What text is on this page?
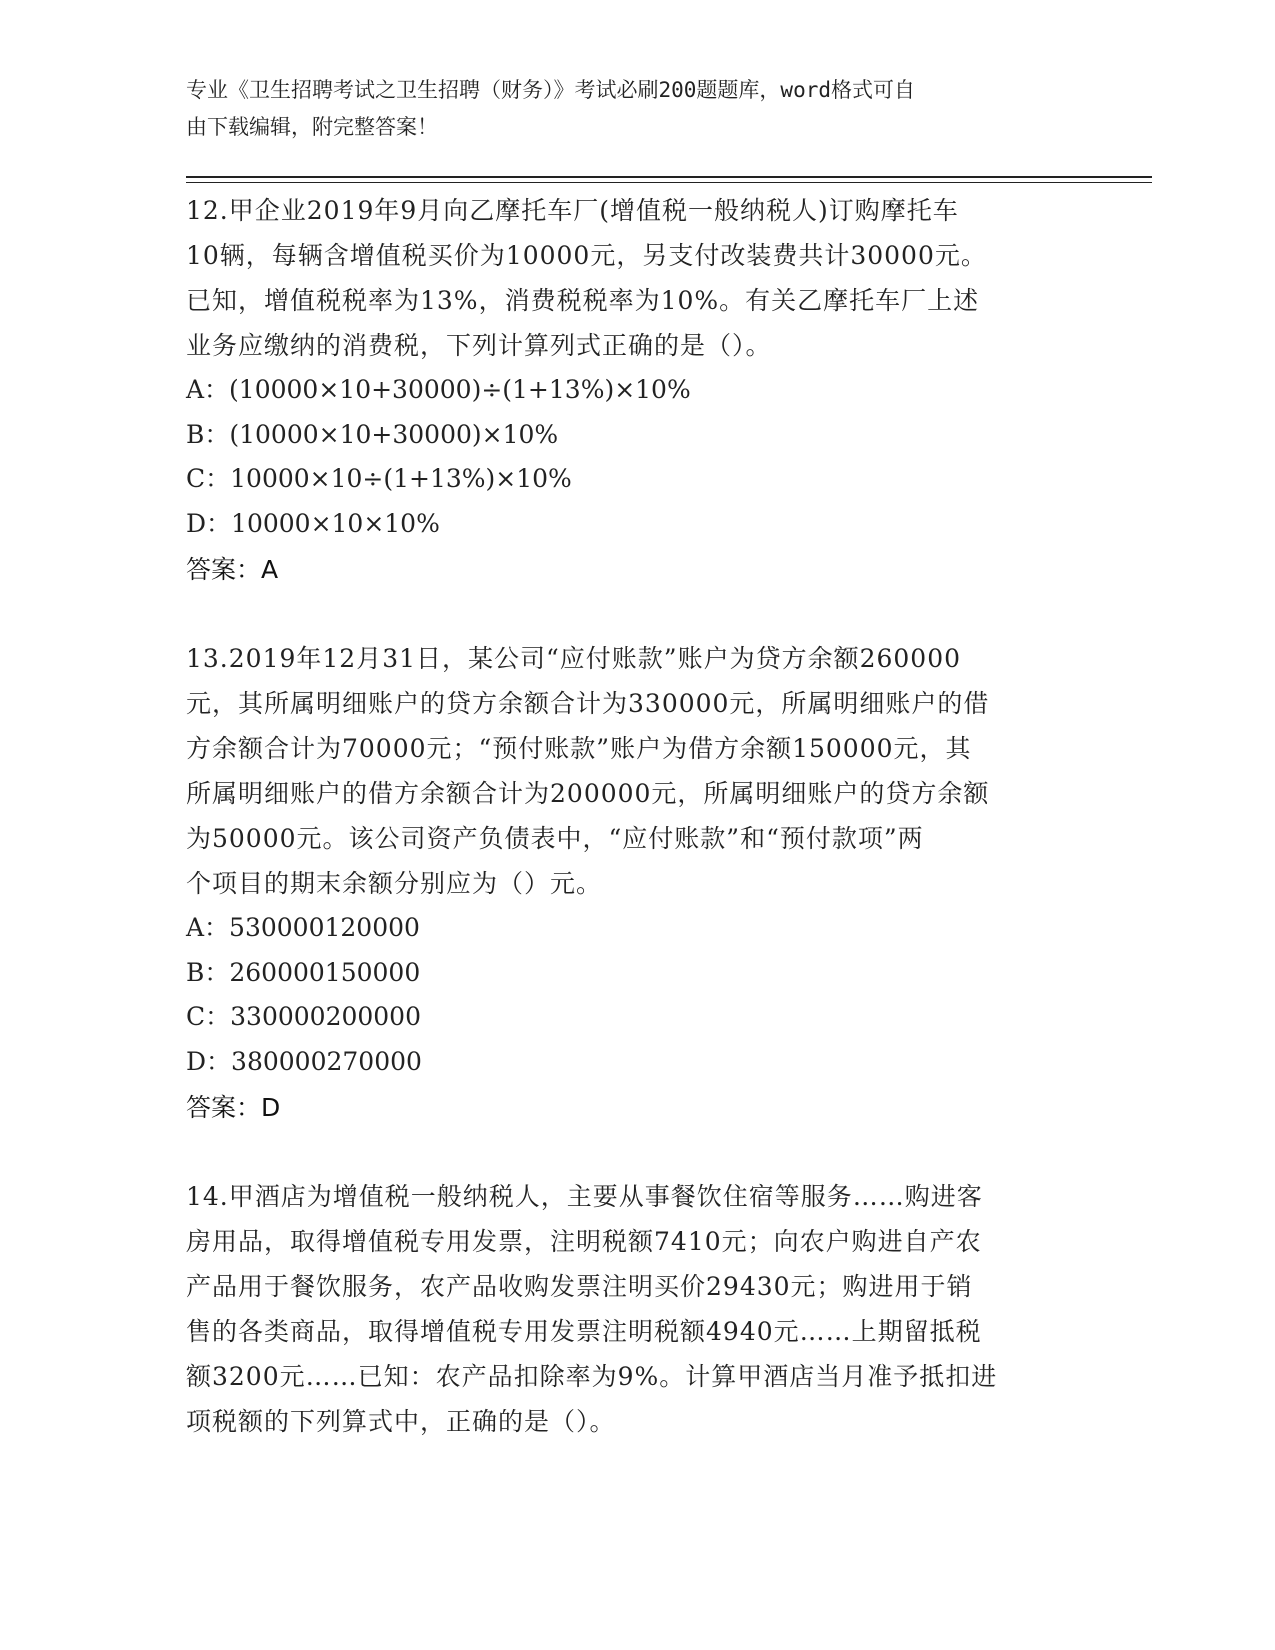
专业《卫生招聘考试之卫生招聘（财务）》考试必刷200题题库，word格式可自
由下载编辑，附完整答案！

12.甲企业2019年9月向乙摩托车厂(增值税一般纳税人)订购摩托车
10辆，每辆含增值税买价为10000元，另支付改装费共计30000元。
已知，增值税税率为13%，消费税税率为10%。有关乙摩托车厂上述
业务应缴纳的消费税，下列计算列式正确的是（）。

A：(10000×10+30000)÷(1+13%)×10%

B：(10000×10+30000)×10%

C：10000×10÷(1+13%)×10%

D：10000×10×10%

答案：A

13.2019年12月31日，某公司“应付账款”账户为贷方余额260000
元，其所属明细账户的贷方余额合计为330000元，所属明细账户的借
方余额合计为70000元；“预付账款”账户为借方余额150000元，其
所属明细账户的借方余额合计为200000元，所属明细账户的贷方余额
为50000元。该公司资产负债表中，“应付账款”和“预付款项”两
个项目的期末余额分别应为（）元。

A：530000120000

B：260000150000

C：330000200000

D：380000270000

答案：D

14.甲酒店为增值税一般纳税人，主要从事餐饮住宿等服务……购进客
房用品，取得增值税专用发票，注明税额7410元；向农户购进自产农
产品用于餐饮服务，农产品收购发票注明买价29430元；购进用于销
售的各类商品，取得增值税专用发票注明税额4940元……上期留抵税
额3200元……已知：农产品扣除率为9%。计算甲酒店当月准予抵扣进
项税额的下列算式中，正确的是（）。
